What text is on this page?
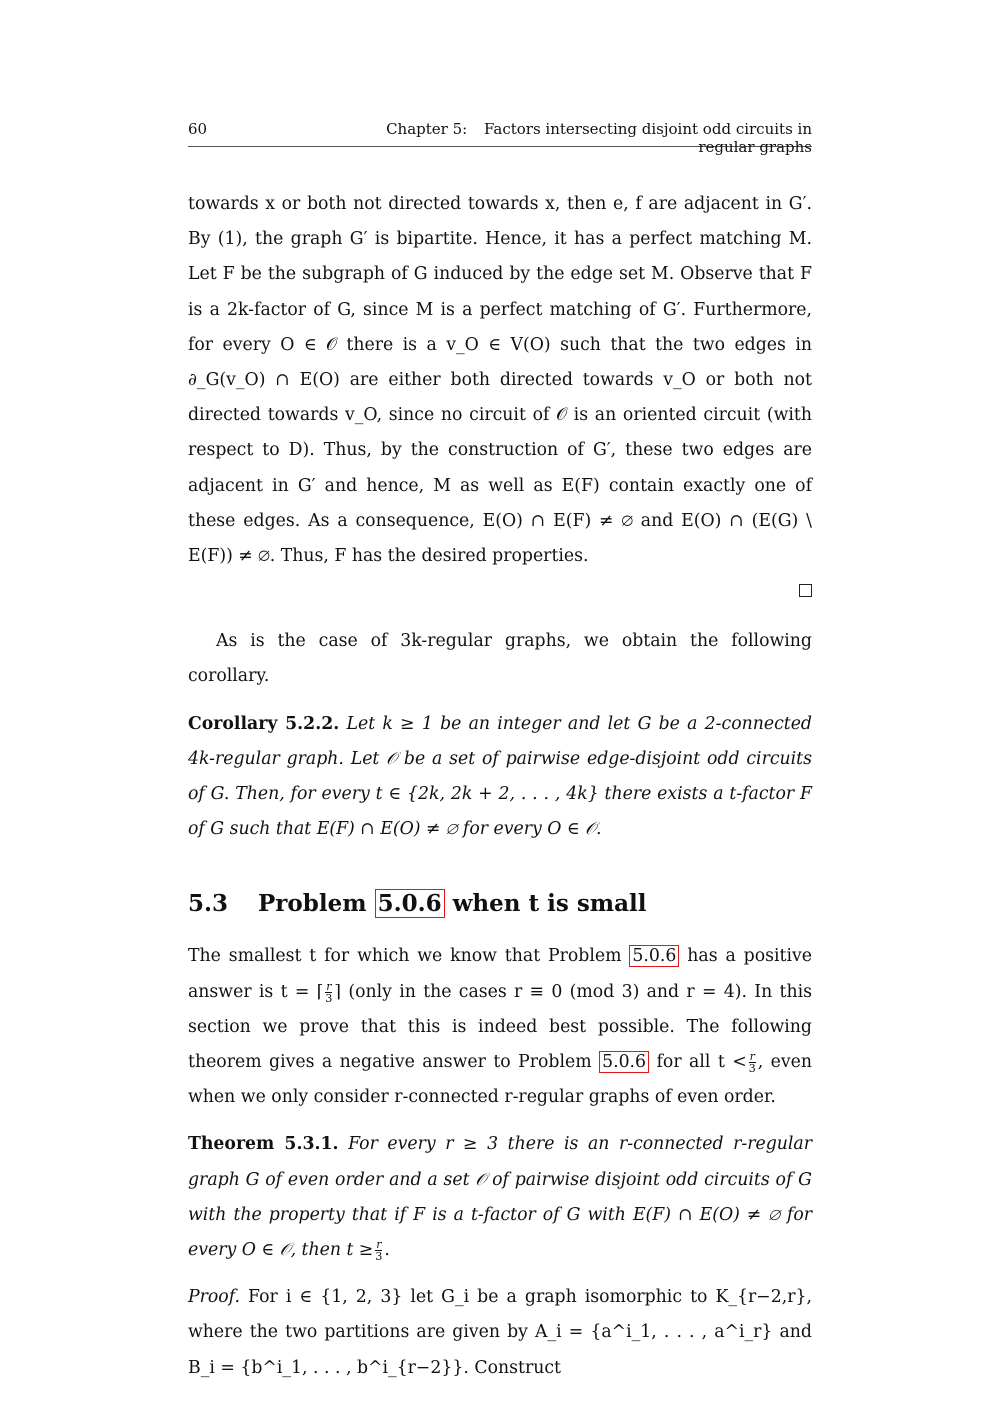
60	Chapter 5: Factors intersecting disjoint odd circuits in regular graphs

towards x or both not directed towards x, then e, f are adjacent in G′. By (1), the graph G′ is bipartite. Hence, it has a perfect matching M. Let F be the subgraph of G induced by the edge set M. Observe that F is a 2k-factor of G, since M is a perfect matching of G′. Furthermore, for every O ∈ 𝒪 there is a v_O ∈ V(O) such that the two edges in ∂_G(v_O) ∩ E(O) are either both directed towards v_O or both not directed towards v_O, since no circuit of 𝒪 is an oriented circuit (with respect to D). Thus, by the construction of G′, these two edges are adjacent in G′ and hence, M as well as E(F) contain exactly one of these edges. As a consequence, E(O) ∩ E(F) ≠ ∅ and E(O) ∩ (E(G) \ E(F)) ≠ ∅. Thus, F has the desired properties.

As is the case of 3k-regular graphs, we obtain the following corollary.

Corollary 5.2.2. Let k ≥ 1 be an integer and let G be a 2-connected 4k-regular graph. Let 𝒪 be a set of pairwise edge-disjoint odd circuits of G. Then, for every t ∈ {2k, 2k + 2, . . . , 4k} there exists a t-factor F of G such that E(F) ∩ E(O) ≠ ∅ for every O ∈ 𝒪.

5.3 Problem 5.0.6 when t is small

The smallest t for which we know that Problem 5.0.6 has a positive answer is t = ⌈ $\frac{r}{3}$ ⌉ (only in the cases r ≡ 0 (mod 3) and r = 4). In this section we prove that this is indeed best possible. The following theorem gives a negative answer to Problem 5.0.6 for all $t < \frac{r}{3}$ , even when we only consider r-connected r-regular graphs of even order.

Theorem 5.3.1. For every r ≥ 3 there is an r-connected r-regular graph G of even order and a set 𝒪 of pairwise disjoint odd circuits of G with the property that if F is a t-factor of G with E(F) ∩ E(O) ≠ ∅ for every O ∈ 𝒪, then $t \ge \frac{r}{3}$ .

Proof. For i ∈ {1, 2, 3} let G_i be a graph isomorphic to K_{r−2,r}, where the two partitions are given by A_i = {a^i_1, . . . , a^i_r} and B_i = {b^i_1, . . . , b^i_{r−2}}. Construct
